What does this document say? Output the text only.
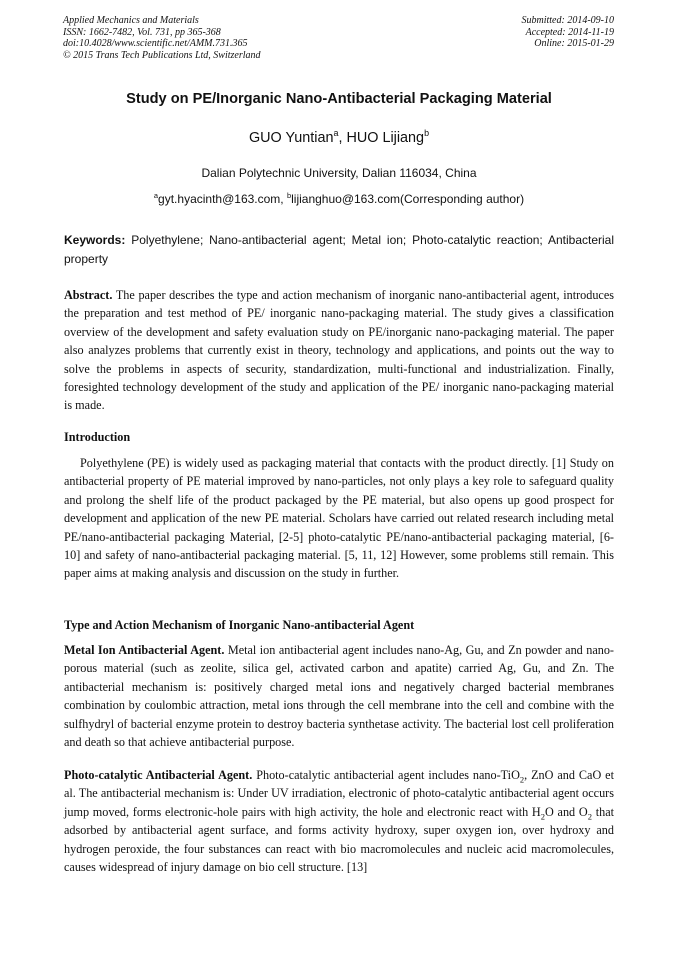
Applied Mechanics and Materials
ISSN: 1662-7482, Vol. 731, pp 365-368
doi:10.4028/www.scientific.net/AMM.731.365
© 2015 Trans Tech Publications Ltd, Switzerland
Submitted: 2014-09-10
Accepted: 2014-11-19
Online: 2015-01-29
Study on PE/Inorganic Nano-Antibacterial Packaging Material
GUO Yuntian$^a$, HUO Lijiang$^b$
Dalian Polytechnic University, Dalian 116034, China
$^a$gyt.hyacinth@163.com, $^b$lijianghuo@163.com(Corresponding author)
Keywords: Polyethylene; Nano-antibacterial agent; Metal ion; Photo-catalytic reaction; Antibacterial property
Abstract. The paper describes the type and action mechanism of inorganic nano-antibacterial agent, introduces the preparation and test method of PE/ inorganic nano-packaging material. The study gives a classification overview of the development and safety evaluation study on PE/inorganic nano-packaging material. The paper also analyzes problems that currently exist in theory, technology and applications, and points out the way to solve the problems in aspects of security, standardization, multi-functional and industrialization. Finally, foresighted technology development of the study and application of the PE/ inorganic nano-packaging material is made.
Introduction
Polyethylene (PE) is widely used as packaging material that contacts with the product directly. [1] Study on antibacterial property of PE material improved by nano-particles, not only plays a key role to safeguard quality and prolong the shelf life of the product packaged by the PE material, but also opens up good prospect for development and application of the new PE material. Scholars have carried out related research including metal PE/nano-antibacterial packaging Material, [2-5] photo-catalytic PE/nano-antibacterial packaging material, [6-10] and safety of nano-antibacterial packaging material. [5, 11, 12] However, some problems still remain. This paper aims at making analysis and discussion on the study in further.
Type and Action Mechanism of Inorganic Nano-antibacterial Agent
Metal Ion Antibacterial Agent. Metal ion antibacterial agent includes nano-Ag, Gu, and Zn powder and nano-porous material (such as zeolite, silica gel, activated carbon and apatite) carried Ag, Gu, and Zn. The antibacterial mechanism is: positively charged metal ions and negatively charged bacterial membranes combination by coulombic attraction, metal ions through the cell membrane into the cell and combine with the sulfhydryl of bacterial enzyme protein to destroy bacteria synthetase activity. The bacterial lost cell proliferation and death so that achieve antibacterial purpose.
Photo-catalytic Antibacterial Agent. Photo-catalytic antibacterial agent includes nano-TiO$_2$, ZnO and CaO et al. The antibacterial mechanism is: Under UV irradiation, electronic of photo-catalytic antibacterial agent occurs jump moved, forms electronic-hole pairs with high activity, the hole and electronic react with $H_2O$ and $O_2$ that adsorbed by antibacterial agent surface, and forms activity hydroxy, super oxygen ion, over hydroxy and hydrogen peroxide, the four substances can react with bio macromolecules and nucleic acid macromolecules, causes widespread of injury damage on bio cell structure. [13]
